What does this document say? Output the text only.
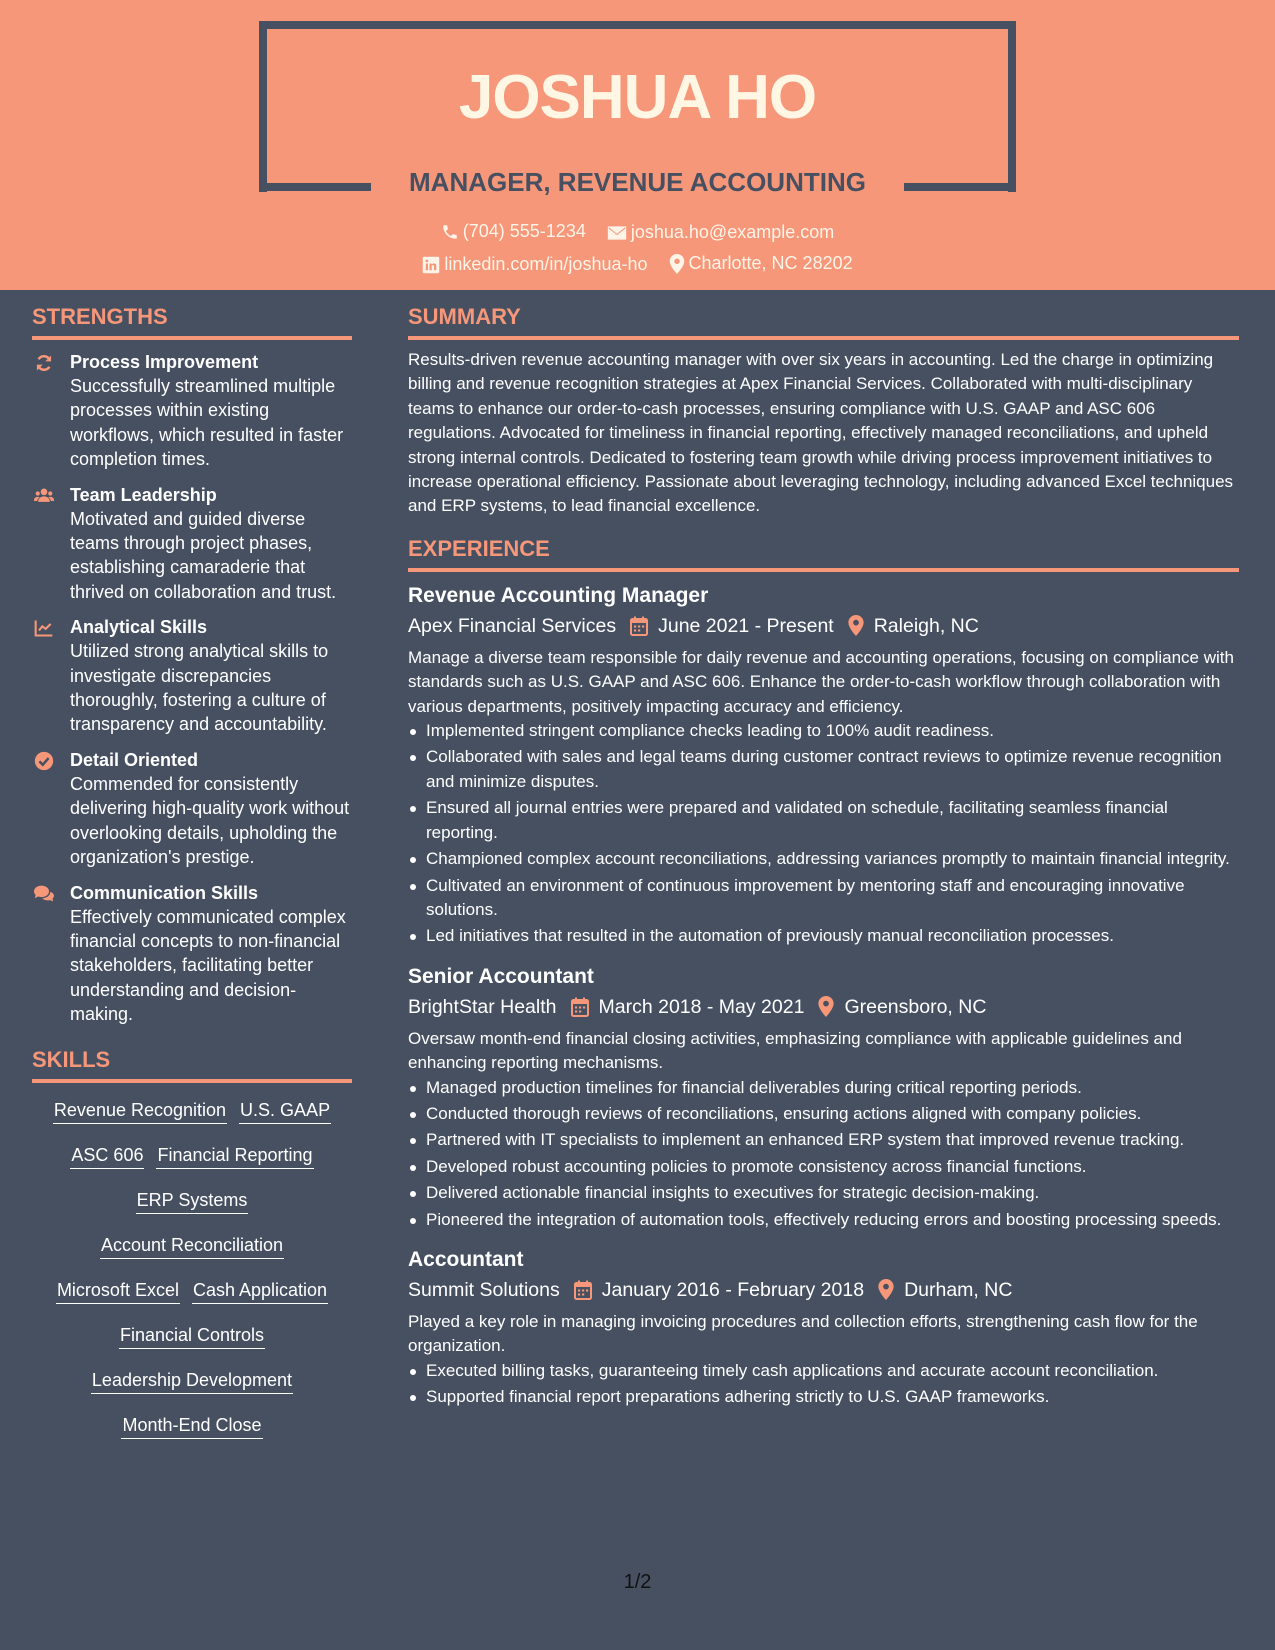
JOSHUA HO
MANAGER, REVENUE ACCOUNTING
(704) 555-1234
	joshua.ho@example.com
linkedin.com/in/joshua-ho
Charlotte, NC 28202
STRENGTHS
Process Improvement
Successfully streamlined multiple processes within existing workflows, which resulted in faster completion times.
Team Leadership
Motivated and guided diverse teams through project phases, establishing camaraderie that thrived on collaboration and trust.
Analytical Skills
Utilized strong analytical skills to investigate discrepancies thoroughly, fostering a culture of transparency and accountability.
Detail Oriented
Commended for consistently delivering high-quality work without overlooking details, upholding the organization's prestige.
Communication Skills
Effectively communicated complex financial concepts to non-financial stakeholders, facilitating better understanding and decision-making.
SKILLS
Revenue Recognition U.S. GAAP
ASC 606 Financial Reporting
ERP Systems
Account Reconciliation
Microsoft Excel Cash Application
Financial Controls
Leadership Development
Month-End Close
SUMMARY
Results-driven revenue accounting manager with over six years in accounting. Led the charge in optimizing billing and revenue recognition strategies at Apex Financial Services. Collaborated with multi-disciplinary teams to enhance our order-to-cash processes, ensuring compliance with U.S. GAAP and ASC 606 regulations. Advocated for timeliness in financial reporting, effectively managed reconciliations, and upheld strong internal controls. Dedicated to fostering team growth while driving process improvement initiatives to increase operational efficiency. Passionate about leveraging technology, including advanced Excel techniques and ERP systems, to lead financial excellence.
EXPERIENCE
Revenue Accounting Manager
Apex Financial Services June 2021 - Present Raleigh, NC
Manage a diverse team responsible for daily revenue and accounting operations, focusing on compliance with standards such as U.S. GAAP and ASC 606. Enhance the order-to-cash workflow through collaboration with various departments, positively impacting accuracy and efficiency.
Implemented stringent compliance checks leading to 100% audit readiness.
Collaborated with sales and legal teams during customer contract reviews to optimize revenue recognition and minimize disputes.
Ensured all journal entries were prepared and validated on schedule, facilitating seamless financial reporting.
Championed complex account reconciliations, addressing variances promptly to maintain financial integrity.
Cultivated an environment of continuous improvement by mentoring staff and encouraging innovative solutions.
Led initiatives that resulted in the automation of previously manual reconciliation processes.
Senior Accountant
BrightStar Health March 2018 - May 2021 Greensboro, NC
Oversaw month-end financial closing activities, emphasizing compliance with applicable guidelines and enhancing reporting mechanisms.
Managed production timelines for financial deliverables during critical reporting periods.
Conducted thorough reviews of reconciliations, ensuring actions aligned with company policies.
Partnered with IT specialists to implement an enhanced ERP system that improved revenue tracking.
Developed robust accounting policies to promote consistency across financial functions.
Delivered actionable financial insights to executives for strategic decision-making.
Pioneered the integration of automation tools, effectively reducing errors and boosting processing speeds.
Accountant
Summit Solutions January 2016 - February 2018 Durham, NC
Played a key role in managing invoicing procedures and collection efforts, strengthening cash flow for the organization.
Executed billing tasks, guaranteeing timely cash applications and accurate account reconciliation.
Supported financial report preparations adhering strictly to U.S. GAAP frameworks.
1/2
